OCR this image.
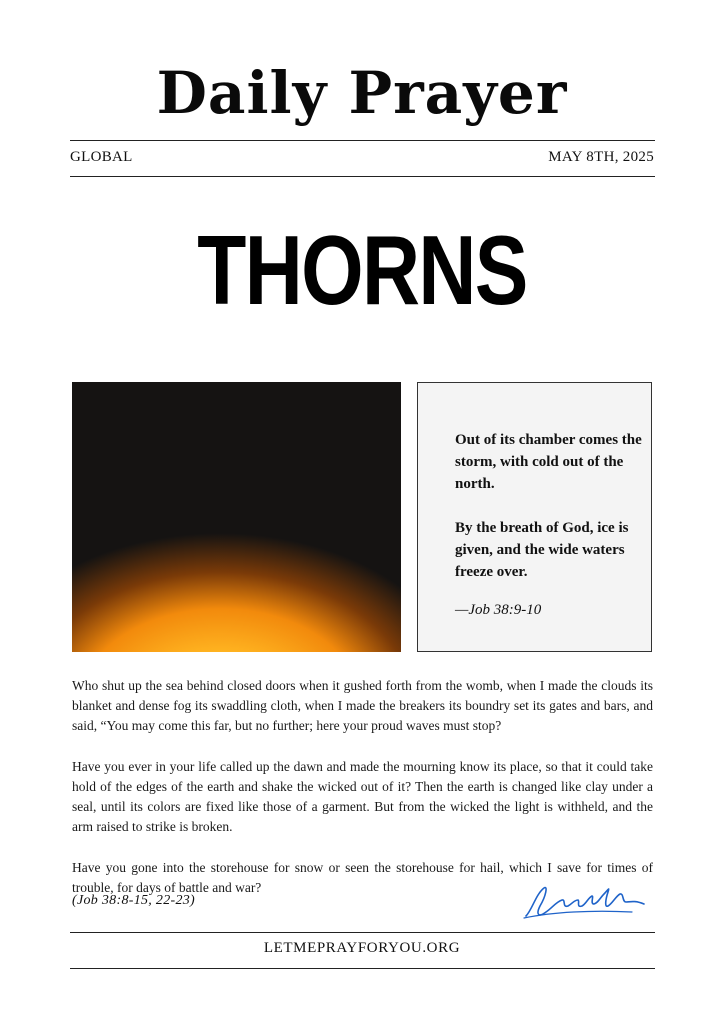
Daily Prayer
GLOBAL	MAY 8TH, 2025
THORNS

Out of its chamber comes the storm, with cold out of the north.

By the breath of God, ice is given, and the wide waters freeze over.

—Job 38:9-10

Who shut up the sea behind closed doors when it gushed forth from the womb, when I made the clouds its blanket and dense fog its swaddling cloth, when I made the breakers its boundry set its gates and bars, and said, “You may come this far, but no further; here your proud waves must stop?

Have you ever in your life called up the dawn and made the mourning know its place, so that it could take hold of the edges of the earth and shake the wicked out of it? Then the earth is changed like clay under a seal, until its colors are fixed like those of a garment. But from the wicked the light is withheld, and the arm raised to strike is broken.

Have you gone into the storehouse for snow or seen the storehouse for hail, which I save for times of trouble, for days of battle and war?

(Job 38:8-15, 22-23)
LETMEPRAYFORYOU.ORG
